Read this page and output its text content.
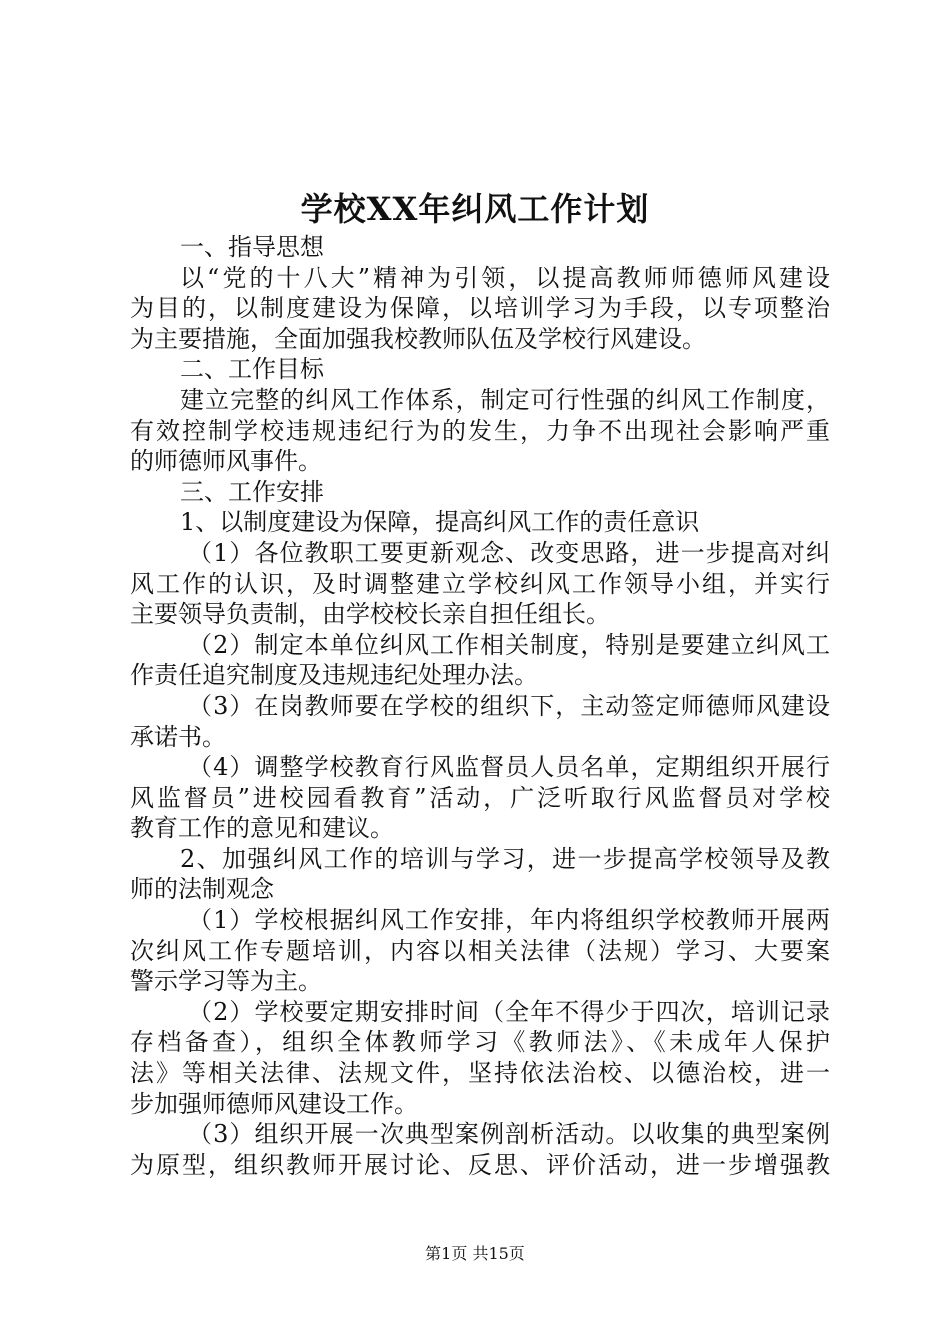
学校XX年纠风工作计划
一、指导思想
以“党的十八大”精神为引领，以提高教师师德师风建设
为目的，以制度建设为保障，以培训学习为手段，以专项整治
为主要措施，全面加强我校教师队伍及学校行风建设。
二、工作目标
建立完整的纠风工作体系，制定可行性强的纠风工作制度，
有效控制学校违规违纪行为的发生，力争不出现社会影响严重
的师德师风事件。
三、工作安排
1、以制度建设为保障，提高纠风工作的责任意识
（1）各位教职工要更新观念、改变思路，进一步提高对纠
风工作的认识，及时调整建立学校纠风工作领导小组，并实行
主要领导负责制，由学校校长亲自担任组长。
（2）制定本单位纠风工作相关制度，特别是要建立纠风工
作责任追究制度及违规违纪处理办法。
（3）在岗教师要在学校的组织下，主动签定师德师风建设
承诺书。
（4）调整学校教育行风监督员人员名单，定期组织开展行
风监督员”进校园看教育”活动，广泛听取行风监督员对学校
教育工作的意见和建议。
2、加强纠风工作的培训与学习，进一步提高学校领导及教
师的法制观念
（1）学校根据纠风工作安排，年内将组织学校教师开展两
次纠风工作专题培训，内容以相关法律（法规）学习、大要案
警示学习等为主。
（2）学校要定期安排时间（全年不得少于四次，培训记录
存档备查），组织全体教师学习《教师法》、《未成年人保护
法》等相关法律、法规文件，坚持依法治校、以德治校，进一
步加强师德师风建设工作。
（3）组织开展一次典型案例剖析活动。以收集的典型案例
为原型，组织教师开展讨论、反思、评价活动，进一步增强教
第1页 共15页
